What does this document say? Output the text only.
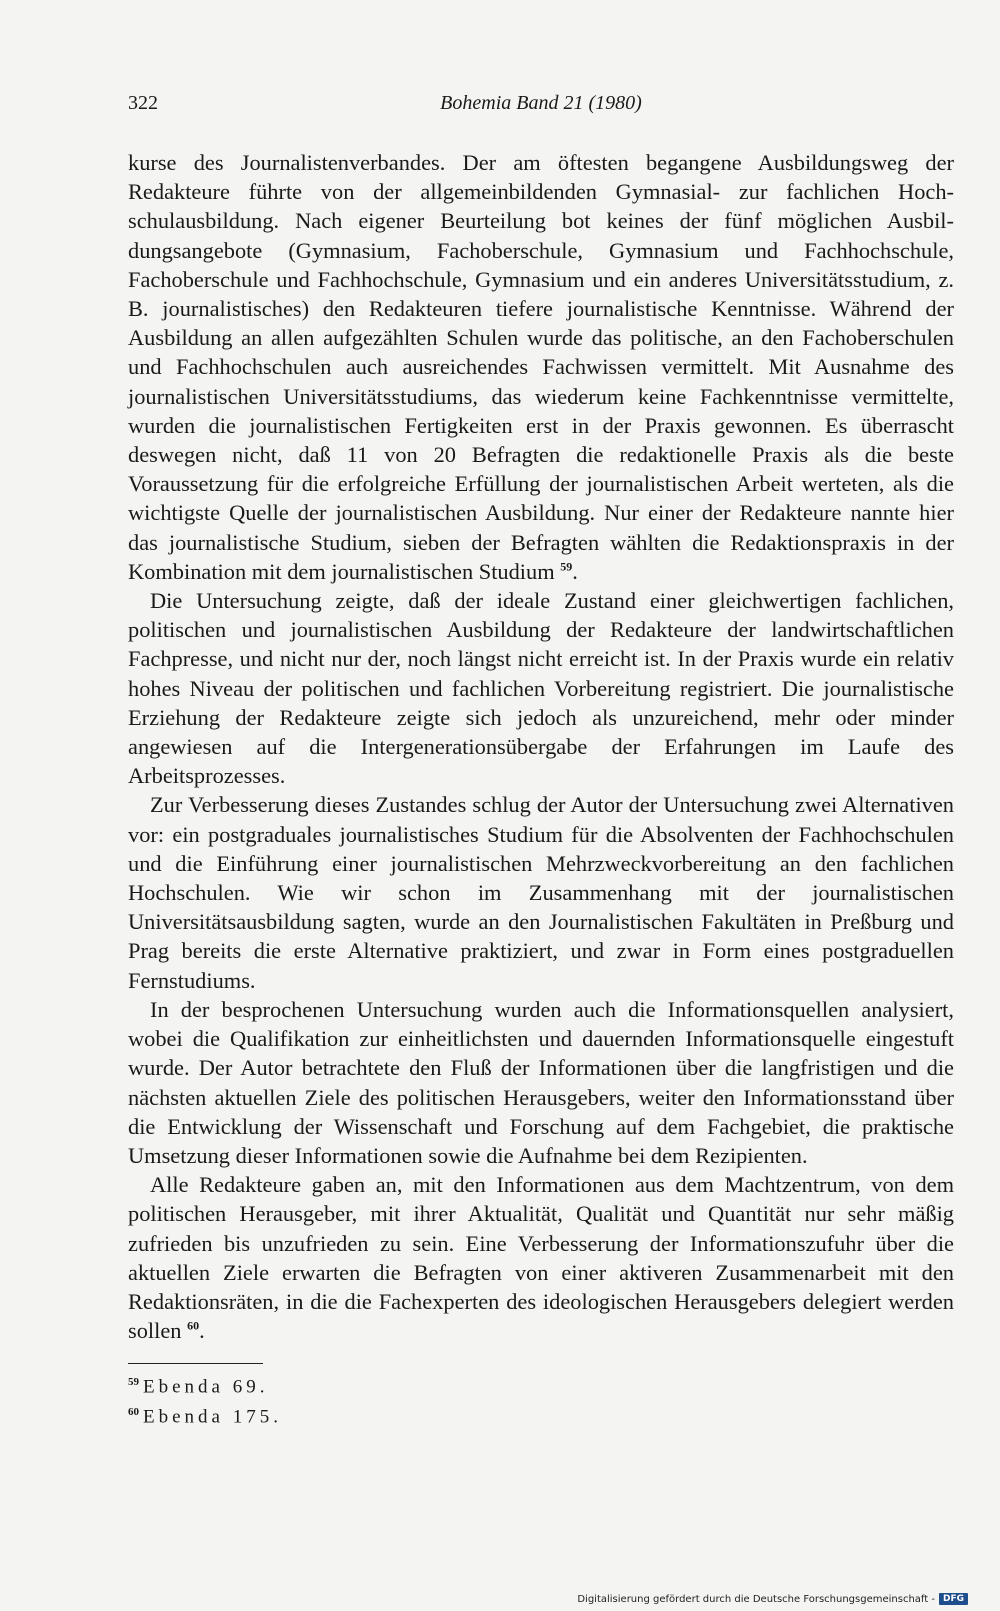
322	Bohemia Band 21 (1980)

kurse des Journalistenverbandes. Der am öftesten begangene Ausbildungsweg der Redakteure führte von der allgemeinbildenden Gymnasial- zur fachlichen Hochschulausbildung. Nach eigener Beurteilung bot keines der fünf möglichen Ausbildungsangebote (Gymnasium, Fachoberschule, Gymnasium und Fachhochschule, Fachoberschule und Fachhochschule, Gymnasium und ein anderes Universitätsstudium, z. B. journalistisches) den Redakteuren tiefere journalistische Kenntnisse. Während der Ausbildung an allen aufgezählten Schulen wurde das politische, an den Fachoberschulen und Fachhochschulen auch ausreichendes Fachwissen vermittelt. Mit Ausnahme des journalistischen Universitätsstudiums, das wiederum keine Fachkenntnisse vermittelte, wurden die journalistischen Fertigkeiten erst in der Praxis gewonnen. Es überrascht deswegen nicht, daß 11 von 20 Befragten die redaktionelle Praxis als die beste Voraussetzung für die erfolgreiche Erfüllung der journalistischen Arbeit werteten, als die wichtigste Quelle der journalistischen Ausbildung. Nur einer der Redakteure nannte hier das journalistische Studium, sieben der Befragten wählten die Redaktionspraxis in der Kombination mit dem journalistischen Studium $^{59}$.

Die Untersuchung zeigte, daß der ideale Zustand einer gleichwertigen fachlichen, politischen und journalistischen Ausbildung der Redakteure der landwirtschaftlichen Fachpresse, und nicht nur der, noch längst nicht erreicht ist. In der Praxis wurde ein relativ hohes Niveau der politischen und fachlichen Vorbereitung registriert. Die journalistische Erziehung der Redakteure zeigte sich jedoch als unzureichend, mehr oder minder angewiesen auf die Intergenerationsübergabe der Erfahrungen im Laufe des Arbeitsprozesses.

Zur Verbesserung dieses Zustandes schlug der Autor der Untersuchung zwei Alternativen vor: ein postgraduales journalistisches Studium für die Absolventen der Fachhochschulen und die Einführung einer journalistischen Mehrzweckvorbereitung an den fachlichen Hochschulen. Wie wir schon im Zusammenhang mit der journalistischen Universitätsausbildung sagten, wurde an den Journalistischen Fakultäten in Preßburg und Prag bereits die erste Alternative praktiziert, und zwar in Form eines postgraduellen Fernstudiums.

In der besprochenen Untersuchung wurden auch die Informationsquellen analysiert, wobei die Qualifikation zur einheitlichsten und dauernden Informationsquelle eingestuft wurde. Der Autor betrachtete den Fluß der Informationen über die langfristigen und die nächsten aktuellen Ziele des politischen Herausgebers, weiter den Informationsstand über die Entwicklung der Wissenschaft und Forschung auf dem Fachgebiet, die praktische Umsetzung dieser Informationen sowie die Aufnahme bei dem Rezipienten.

Alle Redakteure gaben an, mit den Informationen aus dem Machtzentrum, von dem politischen Herausgeber, mit ihrer Aktualität, Qualität und Quantität nur sehr mäßig zufrieden bis unzufrieden zu sein. Eine Verbesserung der Informationszufuhr über die aktuellen Ziele erwarten die Befragten von einer aktiveren Zusammenarbeit mit den Redaktionsräten, in die die Fachexperten des ideologischen Herausgebers delegiert werden sollen $^{60}$.

$^{59}$ Ebenda 69.
$^{60}$ Ebenda 175.
Digitalisierung gefördert durch die Deutsche Forschungsgemeinschaft - DFG
